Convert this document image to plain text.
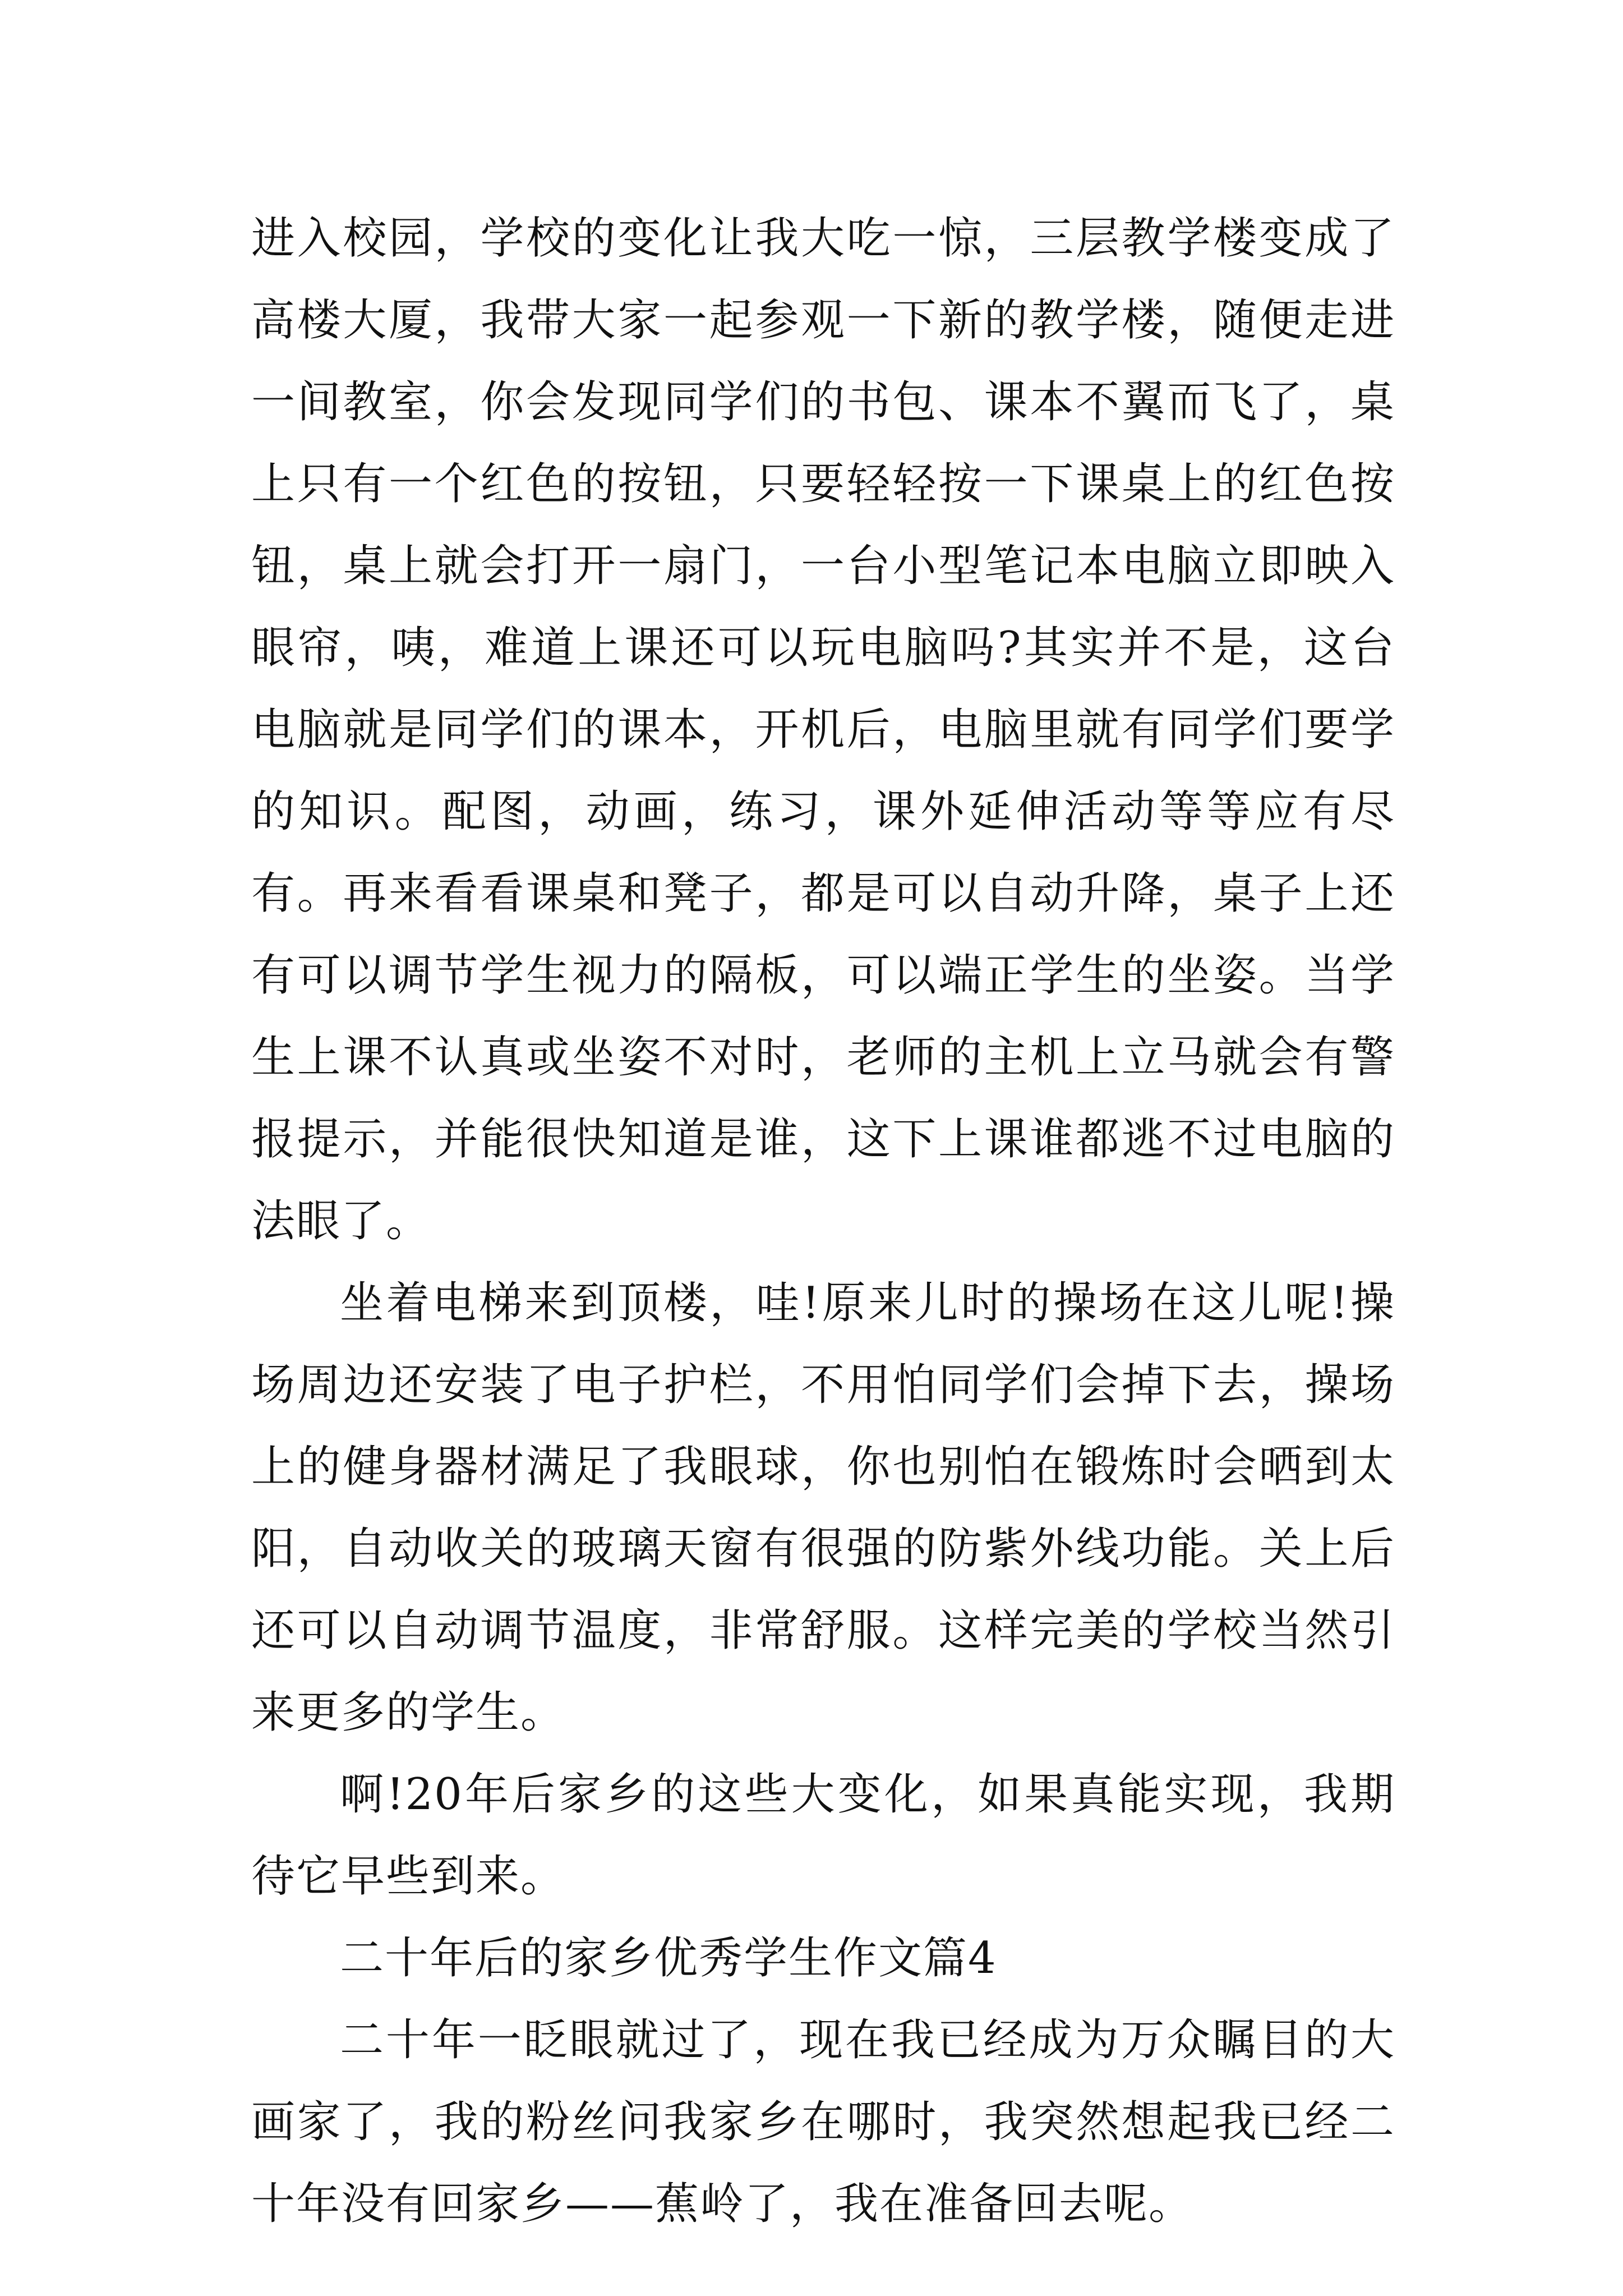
进入校园，学校的变化让我大吃一惊，三层教学楼变成了高楼大厦，我带大家一起参观一下新的教学楼，随便走进一间教室，你会发现同学们的书包、课本不翼而飞了，桌上只有一个红色的按钮，只要轻轻按一下课桌上的红色按钮，桌上就会打开一扇门，一台小型笔记本电脑立即映入眼帘，咦，难道上课还可以玩电脑吗?其实并不是，这台电脑就是同学们的课本，开机后，电脑里就有同学们要学的知识。配图，动画，练习，课外延伸活动等等应有尽有。再来看看课桌和凳子，都是可以自动升降，桌子上还有可以调节学生视力的隔板，可以端正学生的坐姿。当学生上课不认真或坐姿不对时，老师的主机上立马就会有警报提示，并能很快知道是谁，这下上课谁都逃不过电脑的法眼了。

坐着电梯来到顶楼，哇!原来儿时的操场在这儿呢!操场周边还安装了电子护栏，不用怕同学们会掉下去，操场上的健身器材满足了我眼球，你也别怕在锻炼时会晒到太阳，自动收关的玻璃天窗有很强的防紫外线功能。关上后还可以自动调节温度，非常舒服。这样完美的学校当然引来更多的学生。

啊!20年后家乡的这些大变化，如果真能实现，我期待它早些到来。

二十年后的家乡优秀学生作文篇4

二十年一眨眼就过了，现在我已经成为万众瞩目的大画家了，我的粉丝问我家乡在哪时，我突然想起我已经二十年没有回家乡——蕉岭了，我在准备回去呢。
